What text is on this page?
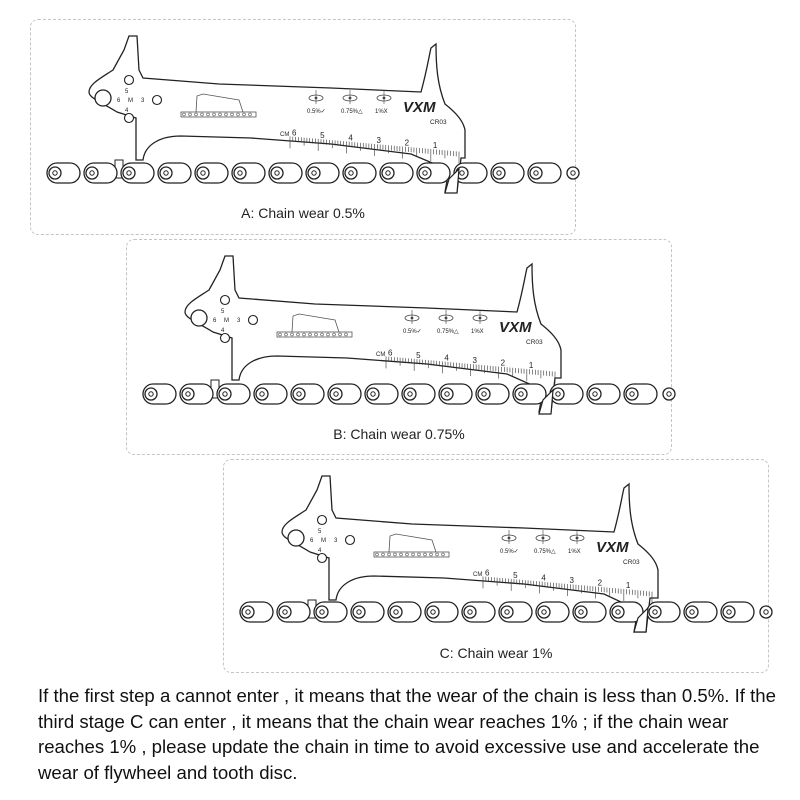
5
6 M 3
4	0.5%✓	0.75%△ 1%X VXM
CR03
CM 6	5	4	3	2	1
A: Chain wear 0.5%
5
6 M 3
4	0.5%✓	0.75%△ 1%X VXM
CR03
CM 6	5	4	3	2	1
B: Chain wear 0.75%
5
6 M 3
4	0.5%✓	0.75%△ 1%X VXM
CR03
CM 6	5	4	3	2	1
C: Chain wear 1%

If the first step a cannot enter , it means that the wear of the chain is less than 0.5%. If the third stage C can enter , it means that the chain wear reaches 1% ; if the chain wear reaches 1% , please update the chain in time to avoid excessive use and accelerate the wear of flywheel and tooth disc.
